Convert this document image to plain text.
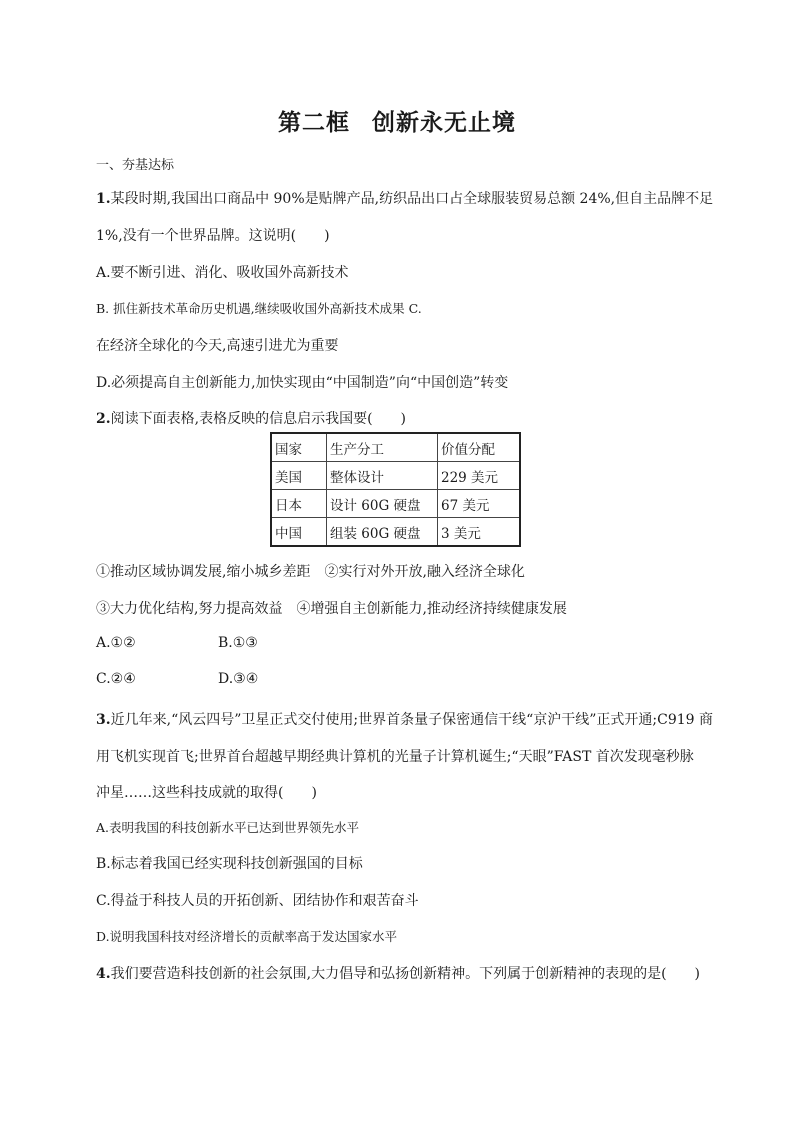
第二框 创新永无止境
一、夯基达标
1.某段时期,我国出口商品中 90%是贴牌产品,纺织品出口占全球服装贸易总额 24%,但自主品牌不足
1%,没有一个世界品牌。这说明(　　)
A.要不断引进、消化、吸收国外高新技术
B. 抓住新技术革命历史机遇,继续吸收国外高新技术成果 C.
在经济全球化的今天,高速引进尤为重要
D.必须提高自主创新能力,加快实现由“中国制造”向“中国创造”转变
2.阅读下面表格,表格反映的信息启示我国要(　　)
国家	生产分工	价值分配
美国	整体设计	229 美元
日本	设计 60G 硬盘	67 美元
中国	组装 60G 硬盘	3 美元
①推动区域协调发展,缩小城乡差距　②实行对外开放,融入经济全球化
③大力优化结构,努力提高效益　④增强自主创新能力,推动经济持续健康发展
A.①②	B.①③
C.②④	D.③④
3.近几年来,“风云四号”卫星正式交付使用;世界首条量子保密通信干线“京沪干线”正式开通;C919 商
用飞机实现首飞;世界首台超越早期经典计算机的光量子计算机诞生;“天眼”FAST 首次发现毫秒脉
冲星……这些科技成就的取得(　　)
A.表明我国的科技创新水平已达到世界领先水平
B.标志着我国已经实现科技创新强国的目标
C.得益于科技人员的开拓创新、团结协作和艰苦奋斗
D.说明我国科技对经济增长的贡献率高于发达国家水平
4.我们要营造科技创新的社会氛围,大力倡导和弘扬创新精神。下列属于创新精神的表现的是(　　)
